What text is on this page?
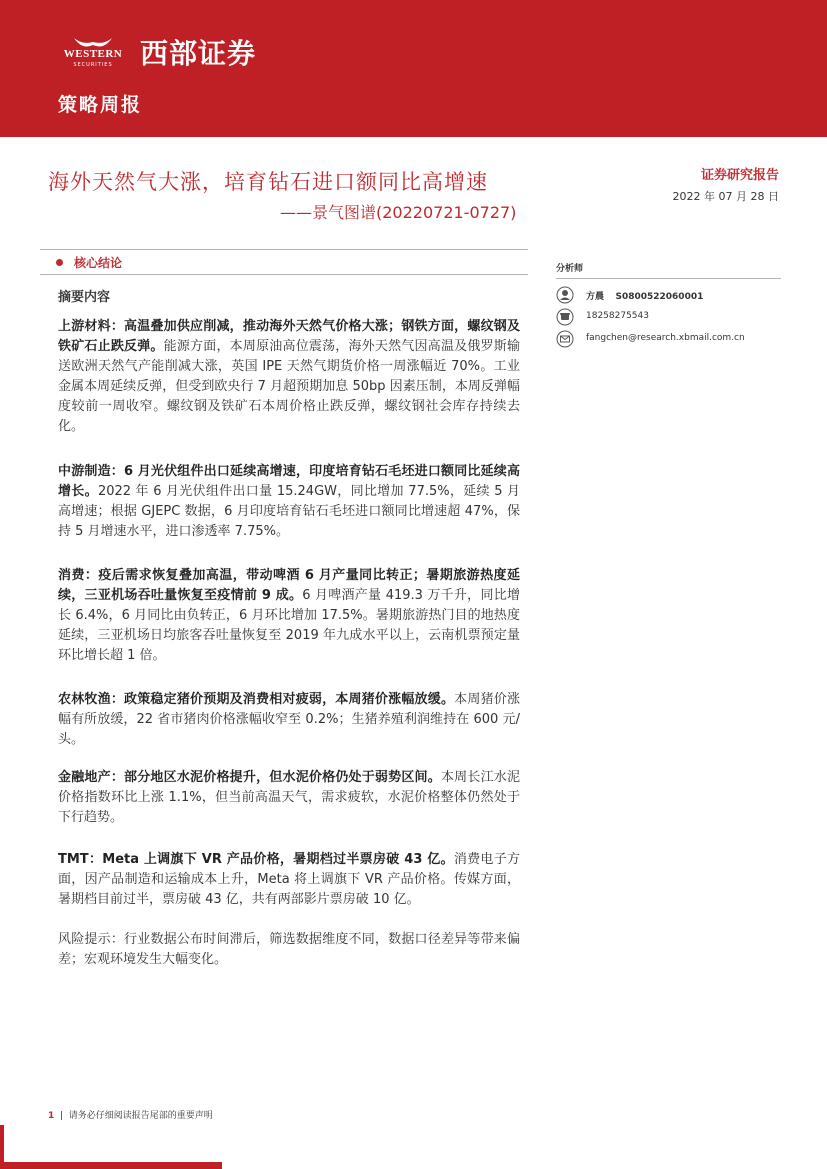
WESTERN
SECURITIES 西部证券
策略周报
海外天然气大涨，培育钻石进口额同比高增速
——景气图谱(20220721-0727)
证券研究报告
2022 年 07 月 28 日
核心结论
摘要内容
上游材料：高温叠加供应削减，推动海外天然气价格大涨；钢铁方面，螺纹钢及铁矿石止跌反弹。能源方面，本周原油高位震荡，海外天然气因高温及俄罗斯输送欧洲天然气产能削减大涨，英国 IPE 天然气期货价格一周涨幅近 70%。工业金属本周延续反弹，但受到欧央行 7 月超预期加息 50bp 因素压制，本周反弹幅度较前一周收窄。螺纹钢及铁矿石本周价格止跌反弹，螺纹钢社会库存持续去化。
中游制造：6 月光伏组件出口延续高增速，印度培育钻石毛坯进口额同比延续高增长。2022 年 6 月光伏组件出口量 15.24GW，同比增加 77.5%，延续 5 月高增速；根据 GJEPC 数据，6 月印度培育钻石毛坯进口额同比增速超 47%，保持 5 月增速水平，进口渗透率 7.75%。
消费：疫后需求恢复叠加高温，带动啤酒 6 月产量同比转正；暑期旅游热度延续，三亚机场吞吐量恢复至疫情前 9 成。6 月啤酒产量 419.3 万千升，同比增长 6.4%，6 月同比由负转正，6 月环比增加 17.5%。暑期旅游热门目的地热度延续，三亚机场日均旅客吞吐量恢复至 2019 年九成水平以上，云南机票预定量环比增长超 1 倍。
农林牧渔：政策稳定猪价预期及消费相对疲弱，本周猪价涨幅放缓。本周猪价涨幅有所放缓，22 省市猪肉价格涨幅收窄至 0.2%；生猪养殖利润维持在 600 元/头。
金融地产：部分地区水泥价格提升，但水泥价格仍处于弱势区间。本周长江水泥价格指数环比上涨 1.1%，但当前高温天气，需求疲软，水泥价格整体仍然处于下行趋势。
TMT：Meta 上调旗下 VR 产品价格，暑期档过半票房破 43 亿。消费电子方面，因产品制造和运输成本上升，Meta 将上调旗下 VR 产品价格。传媒方面，暑期档目前过半，票房破 43 亿，共有两部影片票房破 10 亿。
风险提示：行业数据公布时间滞后，筛选数据维度不同，数据口径差异等带来偏差；宏观环境发生大幅变化。
分析师
方晨 S0800522060001
18258275543
fangchen@research.xbmail.com.cn
1  |  请务必仔细阅读报告尾部的重要声明
